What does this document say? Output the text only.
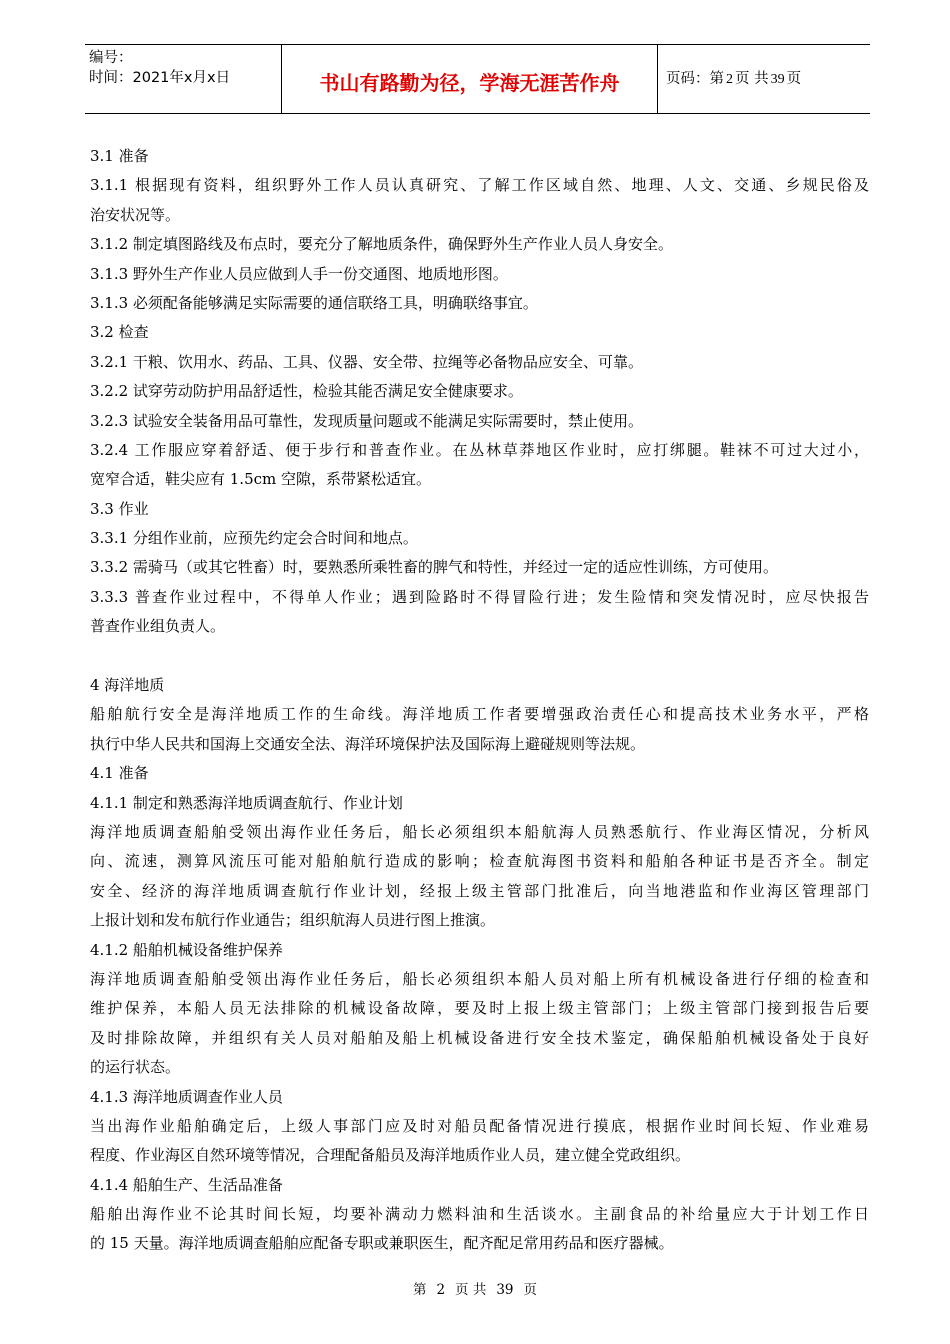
编号：
时间：2021年x月x日	书山有路勤为径，学海无涯苦作舟	页码：第 2 页 共 39 页
3.1 准备
3.1.1 根据现有资料，组织野外工作人员认真研究、了解工作区域自然、地理、人文、交通、乡规民俗及
治安状况等。
3.1.2 制定填图路线及布点时，要充分了解地质条件，确保野外生产作业人员人身安全。
3.1.3 野外生产作业人员应做到人手一份交通图、地质地形图。
3.1.3 必须配备能够满足实际需要的通信联络工具，明确联络事宜。
3.2 检查
3.2.1 干粮、饮用水、药品、工具、仪器、安全带、拉绳等必备物品应安全、可靠。
3.2.2 试穿劳动防护用品舒适性，检验其能否满足安全健康要求。
3.2.3 试验安全装备用品可靠性，发现质量问题或不能满足实际需要时，禁止使用。
3.2.4 工作服应穿着舒适、便于步行和普查作业。在丛林草莽地区作业时，应打绑腿。鞋袜不可过大过小，
宽窄合适，鞋尖应有 1.5cm 空隙，系带紧松适宜。
3.3 作业
3.3.1 分组作业前，应预先约定会合时间和地点。
3.3.2 需骑马（或其它牲畜）时，要熟悉所乘牲畜的脾气和特性，并经过一定的适应性训练，方可使用。
3.3.3 普查作业过程中，不得单人作业；遇到险路时不得冒险行进；发生险情和突发情况时，应尽快报告
普查作业组负责人。
4 海洋地质
船舶航行安全是海洋地质工作的生命线。海洋地质工作者要增强政治责任心和提高技术业务水平，严格
执行中华人民共和国海上交通安全法、海洋环境保护法及国际海上避碰规则等法规。
4.1 准备
4.1.1 制定和熟悉海洋地质调查航行、作业计划
海洋地质调查船舶受领出海作业任务后，船长必须组织本船航海人员熟悉航行、作业海区情况，分析风
向、流速，测算风流压可能对船舶航行造成的影响；检查航海图书资料和船舶各种证书是否齐全。制定
安全、经济的海洋地质调查航行作业计划，经报上级主管部门批准后，向当地港监和作业海区管理部门
上报计划和发布航行作业通告；组织航海人员进行图上推演。
4.1.2 船舶机械设备维护保养
海洋地质调查船舶受领出海作业任务后，船长必须组织本船人员对船上所有机械设备进行仔细的检查和
维护保养，本船人员无法排除的机械设备故障，要及时上报上级主管部门；上级主管部门接到报告后要
及时排除故障，并组织有关人员对船舶及船上机械设备进行安全技术鉴定，确保船舶机械设备处于良好
的运行状态。
4.1.3 海洋地质调查作业人员
当出海作业船舶确定后，上级人事部门应及时对船员配备情况进行摸底，根据作业时间长短、作业难易
程度、作业海区自然环境等情况，合理配备船员及海洋地质作业人员，建立健全党政组织。
4.1.4 船舶生产、生活品准备
船舶出海作业不论其时间长短，均要补满动力燃料油和生活谈水。主副食品的补给量应大于计划工作日
的 15 天量。海洋地质调查船舶应配备专职或兼职医生，配齐配足常用药品和医疗器械。
第 2 页 共 39 页
